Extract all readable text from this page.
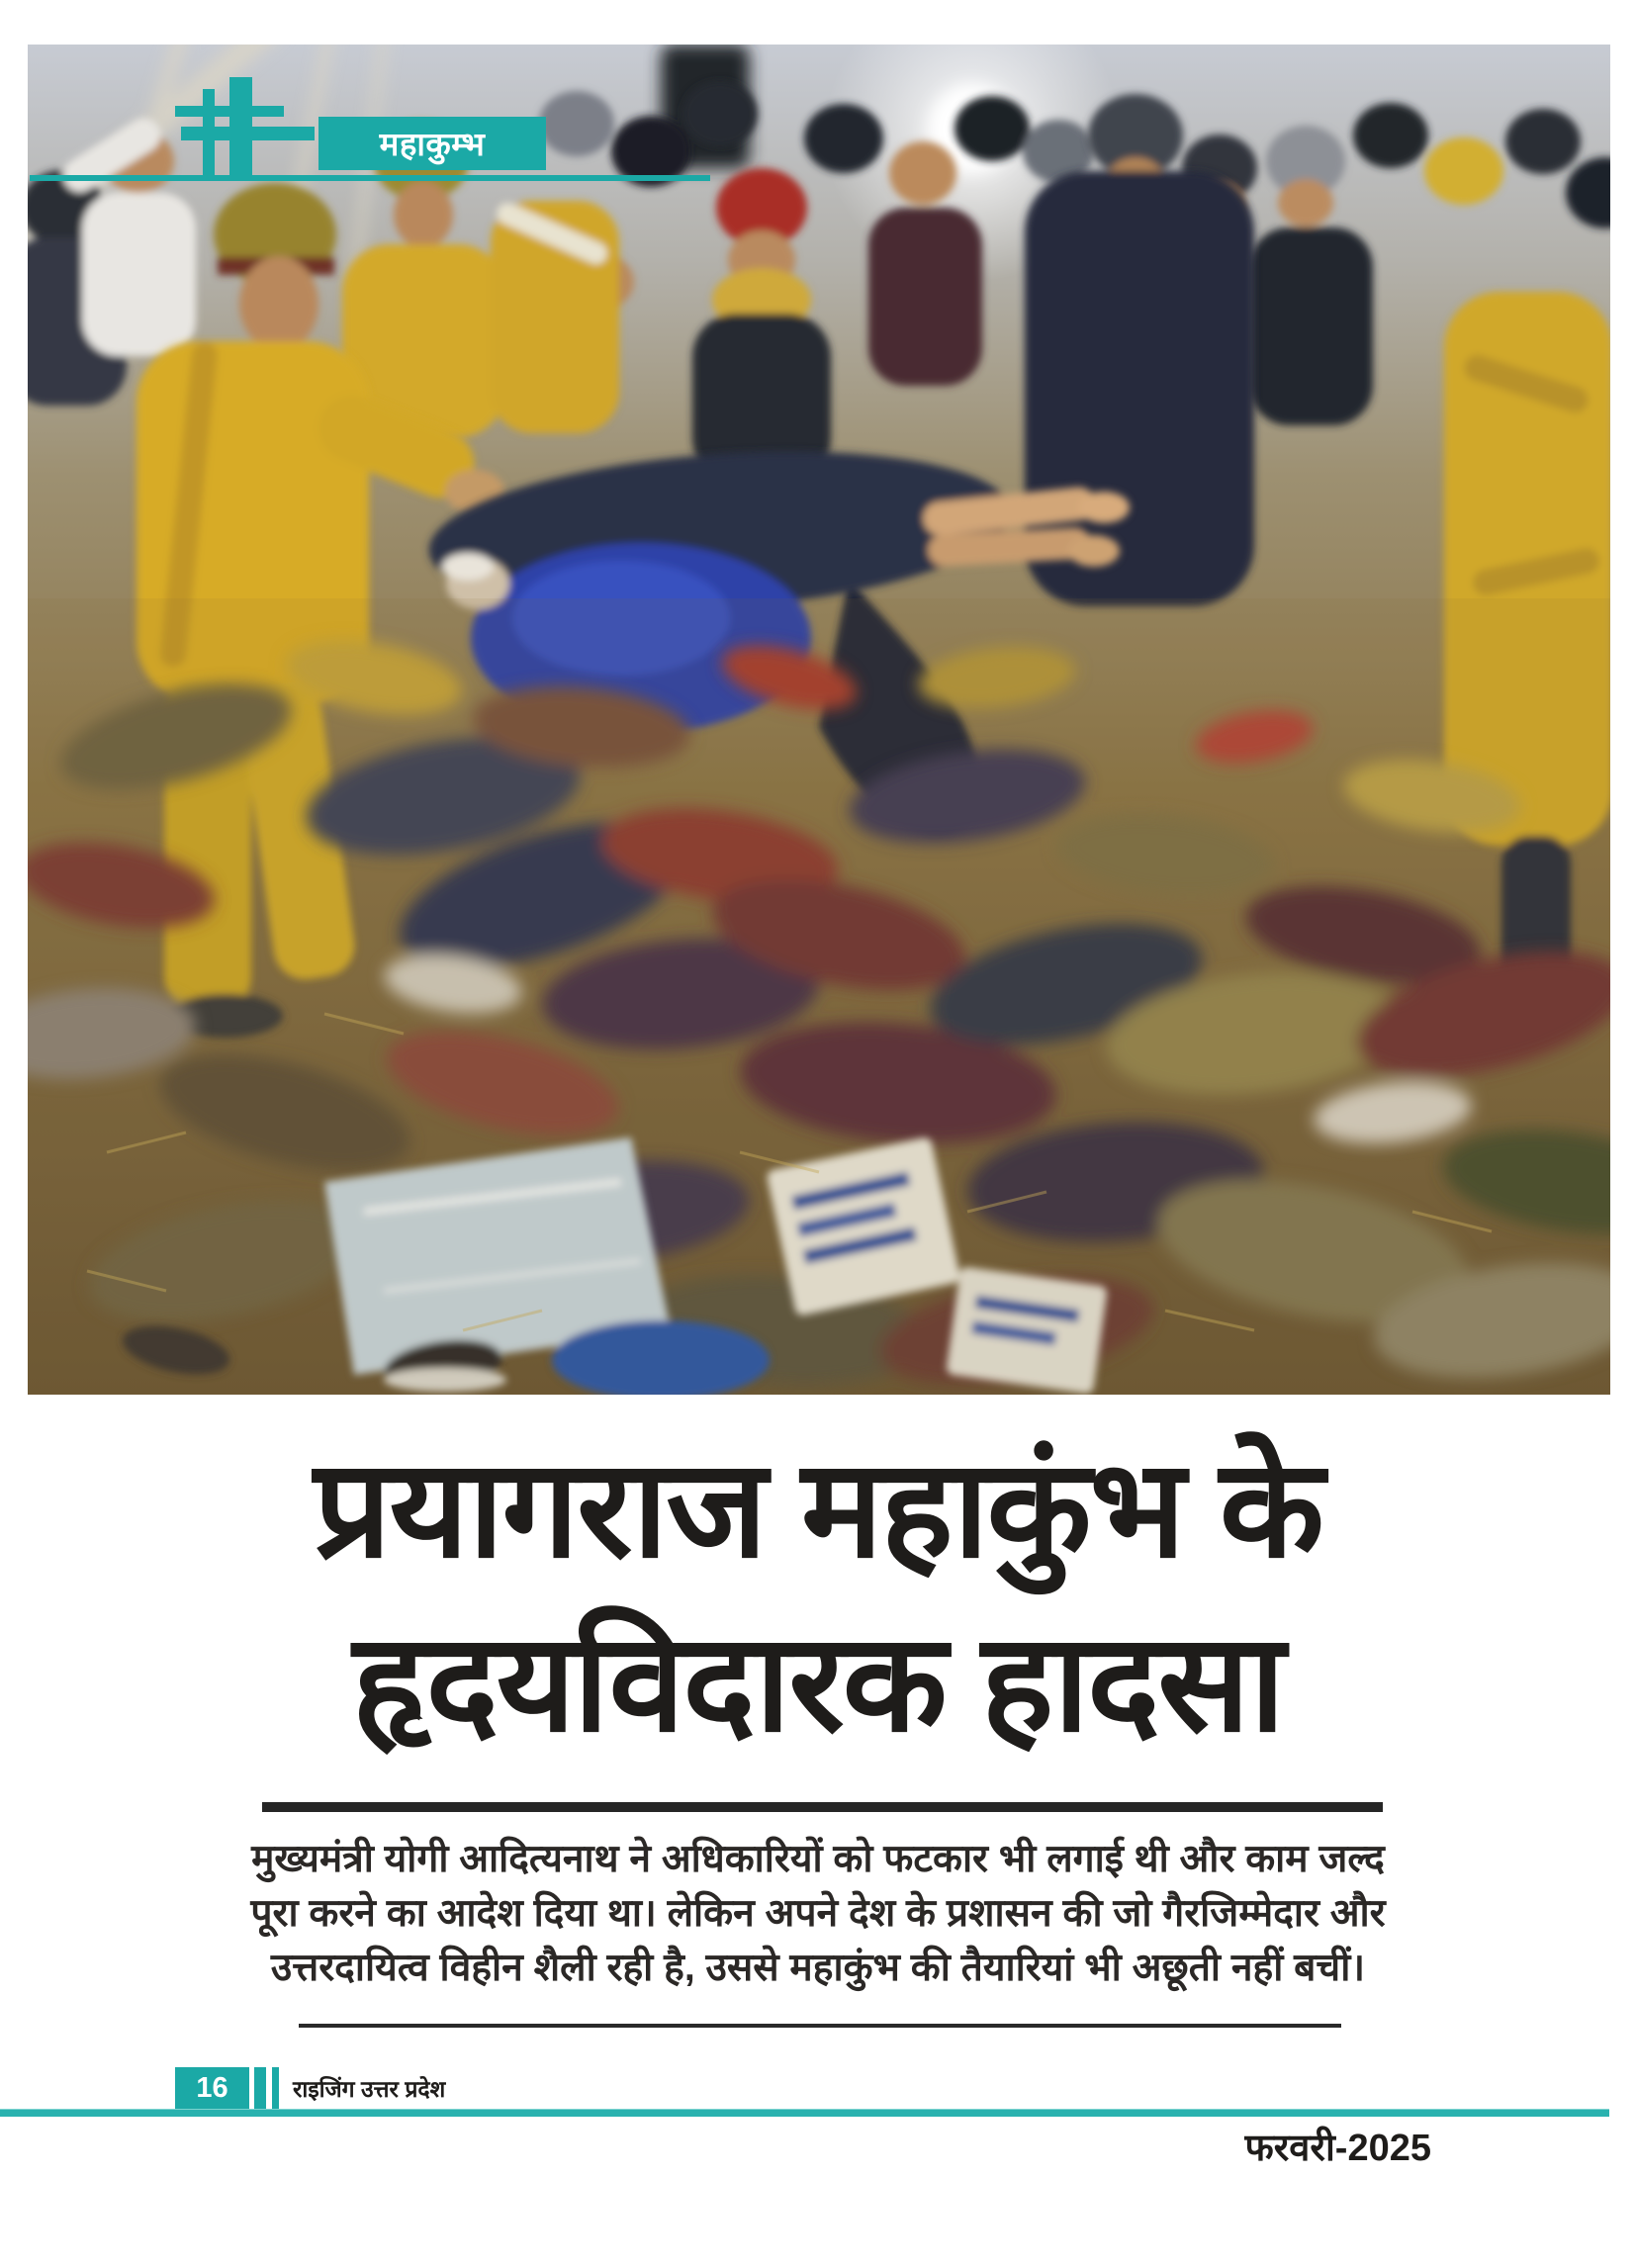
महाकुम्भ
प्रयागराज महाकुंभ के
हृदयविदारक हादसा
मुख्यमंत्री योगी आदित्यनाथ ने अधिकारियों को फटकार भी लगाई थी और काम जल्द
पूरा करने का आदेश दिया था। लेकिन अपने देश के प्रशासन की जो गैरजिम्मेदार और
उत्तरदायित्व विहीन शैली रही है, उससे महाकुंभ की तैयारियां भी अछूती नहीं बचीं।
16	राइजिंग उत्तर प्रदेश
फरवरी-2025
